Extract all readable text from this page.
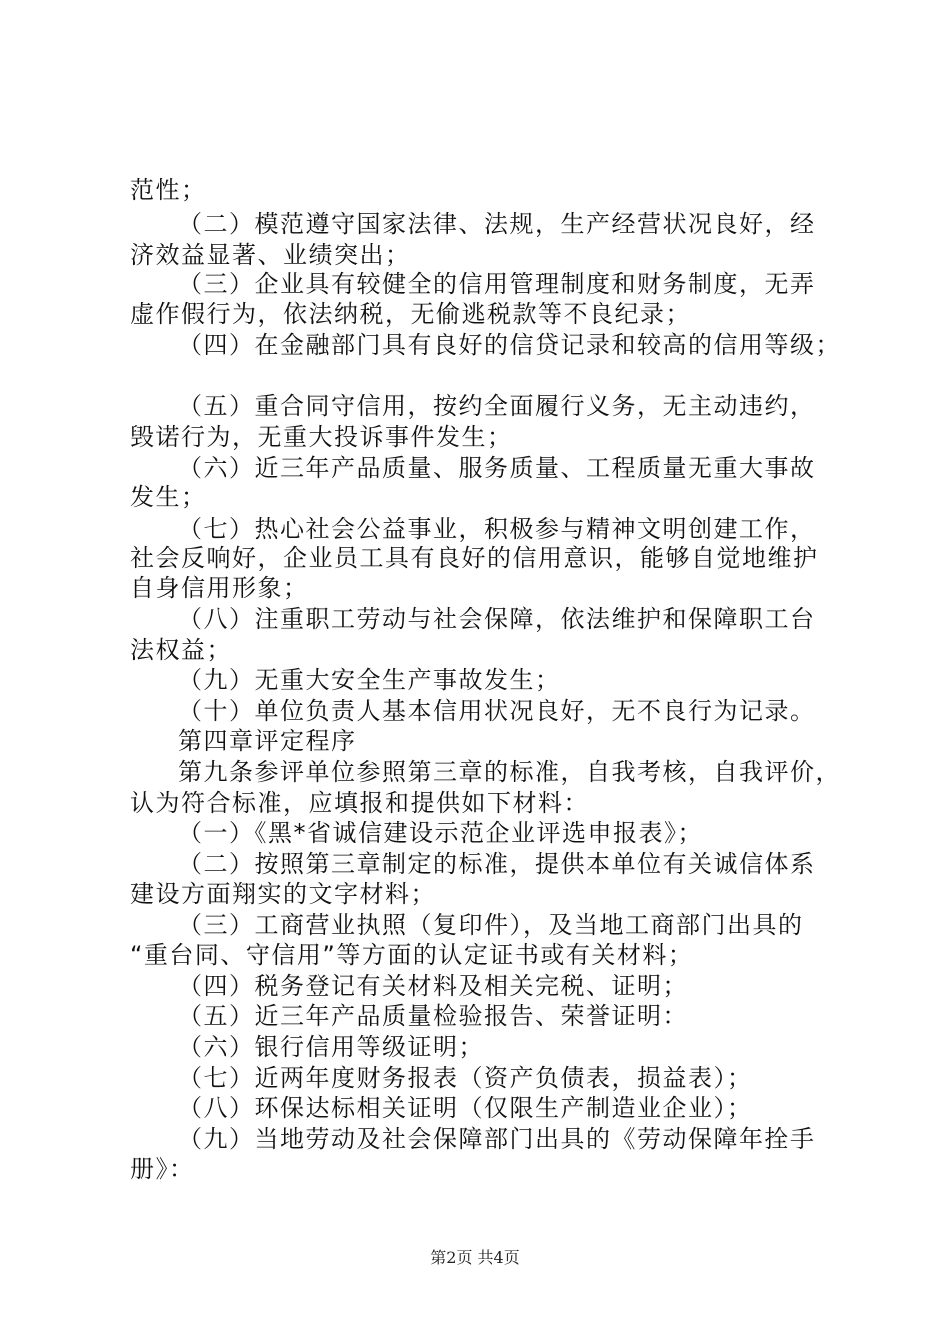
范性；
（二）模范遵守国家法律、法规，生产经营状况良好，经
济效益显著、业绩突出；
（三）企业具有较健全的信用管理制度和财务制度，无弄
虚作假行为，依法纳税，无偷逃税款等不良纪录；
（四）在金融部门具有良好的信贷记录和较高的信用等级；
（五）重合同守信用，按约全面履行义务，无主动违约，
毁诺行为，无重大投诉事件发生；
（六）近三年产品质量、服务质量、工程质量无重大事故
发生；
（七）热心社会公益事业，积极参与精神文明创建工作，
社会反响好，企业员工具有良好的信用意识，能够自觉地维护
自身信用形象；
（八）注重职工劳动与社会保障，依法维护和保障职工台
法权益；
（九）无重大安全生产事故发生；
（十）单位负责人基本信用状况良好，无不良行为记录。
第四章评定程序
第九条参评单位参照第三章的标准，自我考核，自我评价，
认为符合标准，应填报和提供如下材料：
（一）《黑*省诚信建设示范企业评选申报表》；
（二）按照第三章制定的标准，提供本单位有关诚信体系
建设方面翔实的文字材料；
（三）工商营业执照（复印件），及当地工商部门出具的
“重台同、守信用”等方面的认定证书或有关材料；
（四）税务登记有关材料及相关完税、证明；
（五）近三年产品质量检验报告、荣誉证明：
（六）银行信用等级证明；
（七）近两年度财务报表（资产负债表，损益表）；
（八）环保达标相关证明（仅限生产制造业企业）；
（九）当地劳动及社会保障部门出具的《劳动保障年拴手
册》：
第2页 共4页
